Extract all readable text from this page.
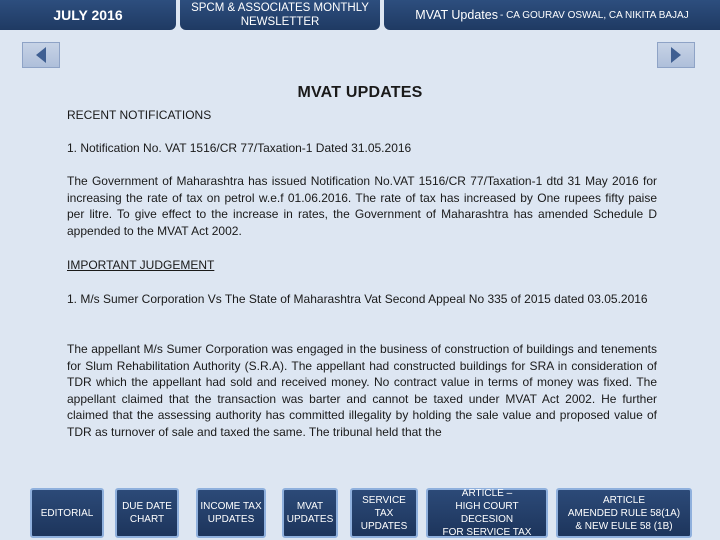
JULY 2016	SPCM & ASSOCIATES MONTHLY NEWSLETTER	MVAT Updates - CA GOURAV OSWAL, CA NIKITA BAJAJ
MVAT UPDATES
RECENT NOTIFICATIONS
1. Notification No. VAT 1516/CR 77/Taxation-1 Dated 31.05.2016
The Government of Maharashtra has issued Notification No.VAT 1516/CR 77/Taxation-1 dtd 31 May 2016 for increasing the rate of tax on petrol w.e.f 01.06.2016. The rate of tax has increased by One rupees fifty paise per litre. To give effect to the increase in rates, the Government of Maharashtra has amended Schedule D appended to the MVAT Act 2002.
IMPORTANT JUDGEMENT
1. M/s Sumer Corporation Vs The State of Maharashtra Vat Second Appeal No 335 of 2015 dated 03.05.2016
The appellant M/s Sumer Corporation was engaged in the business of construction of buildings and tenements for Slum Rehabilitation Authority (S.R.A). The appellant had constructed buildings for SRA in consideration of TDR which the appellant had sold and received money. No contract value in terms of money was fixed. The appellant claimed that the transaction was barter and cannot be taxed under MVAT Act 2002. He further claimed that the assessing authority has committed illegality by holding the sale value and proposed value of TDR as turnover of sale and taxed the same. The tribunal held that the
EDITORIAL
DUE DATE
CHART
INCOME TAX
UPDATES
MVAT
UPDATES
SERVICE TAX
UPDATES
ARTICLE –
HIGH COURT DECESION
FOR SERVICE TAX
ARTICLE
AMENDED RULE 58(1A)
& NEW EULE 58 (1B)
